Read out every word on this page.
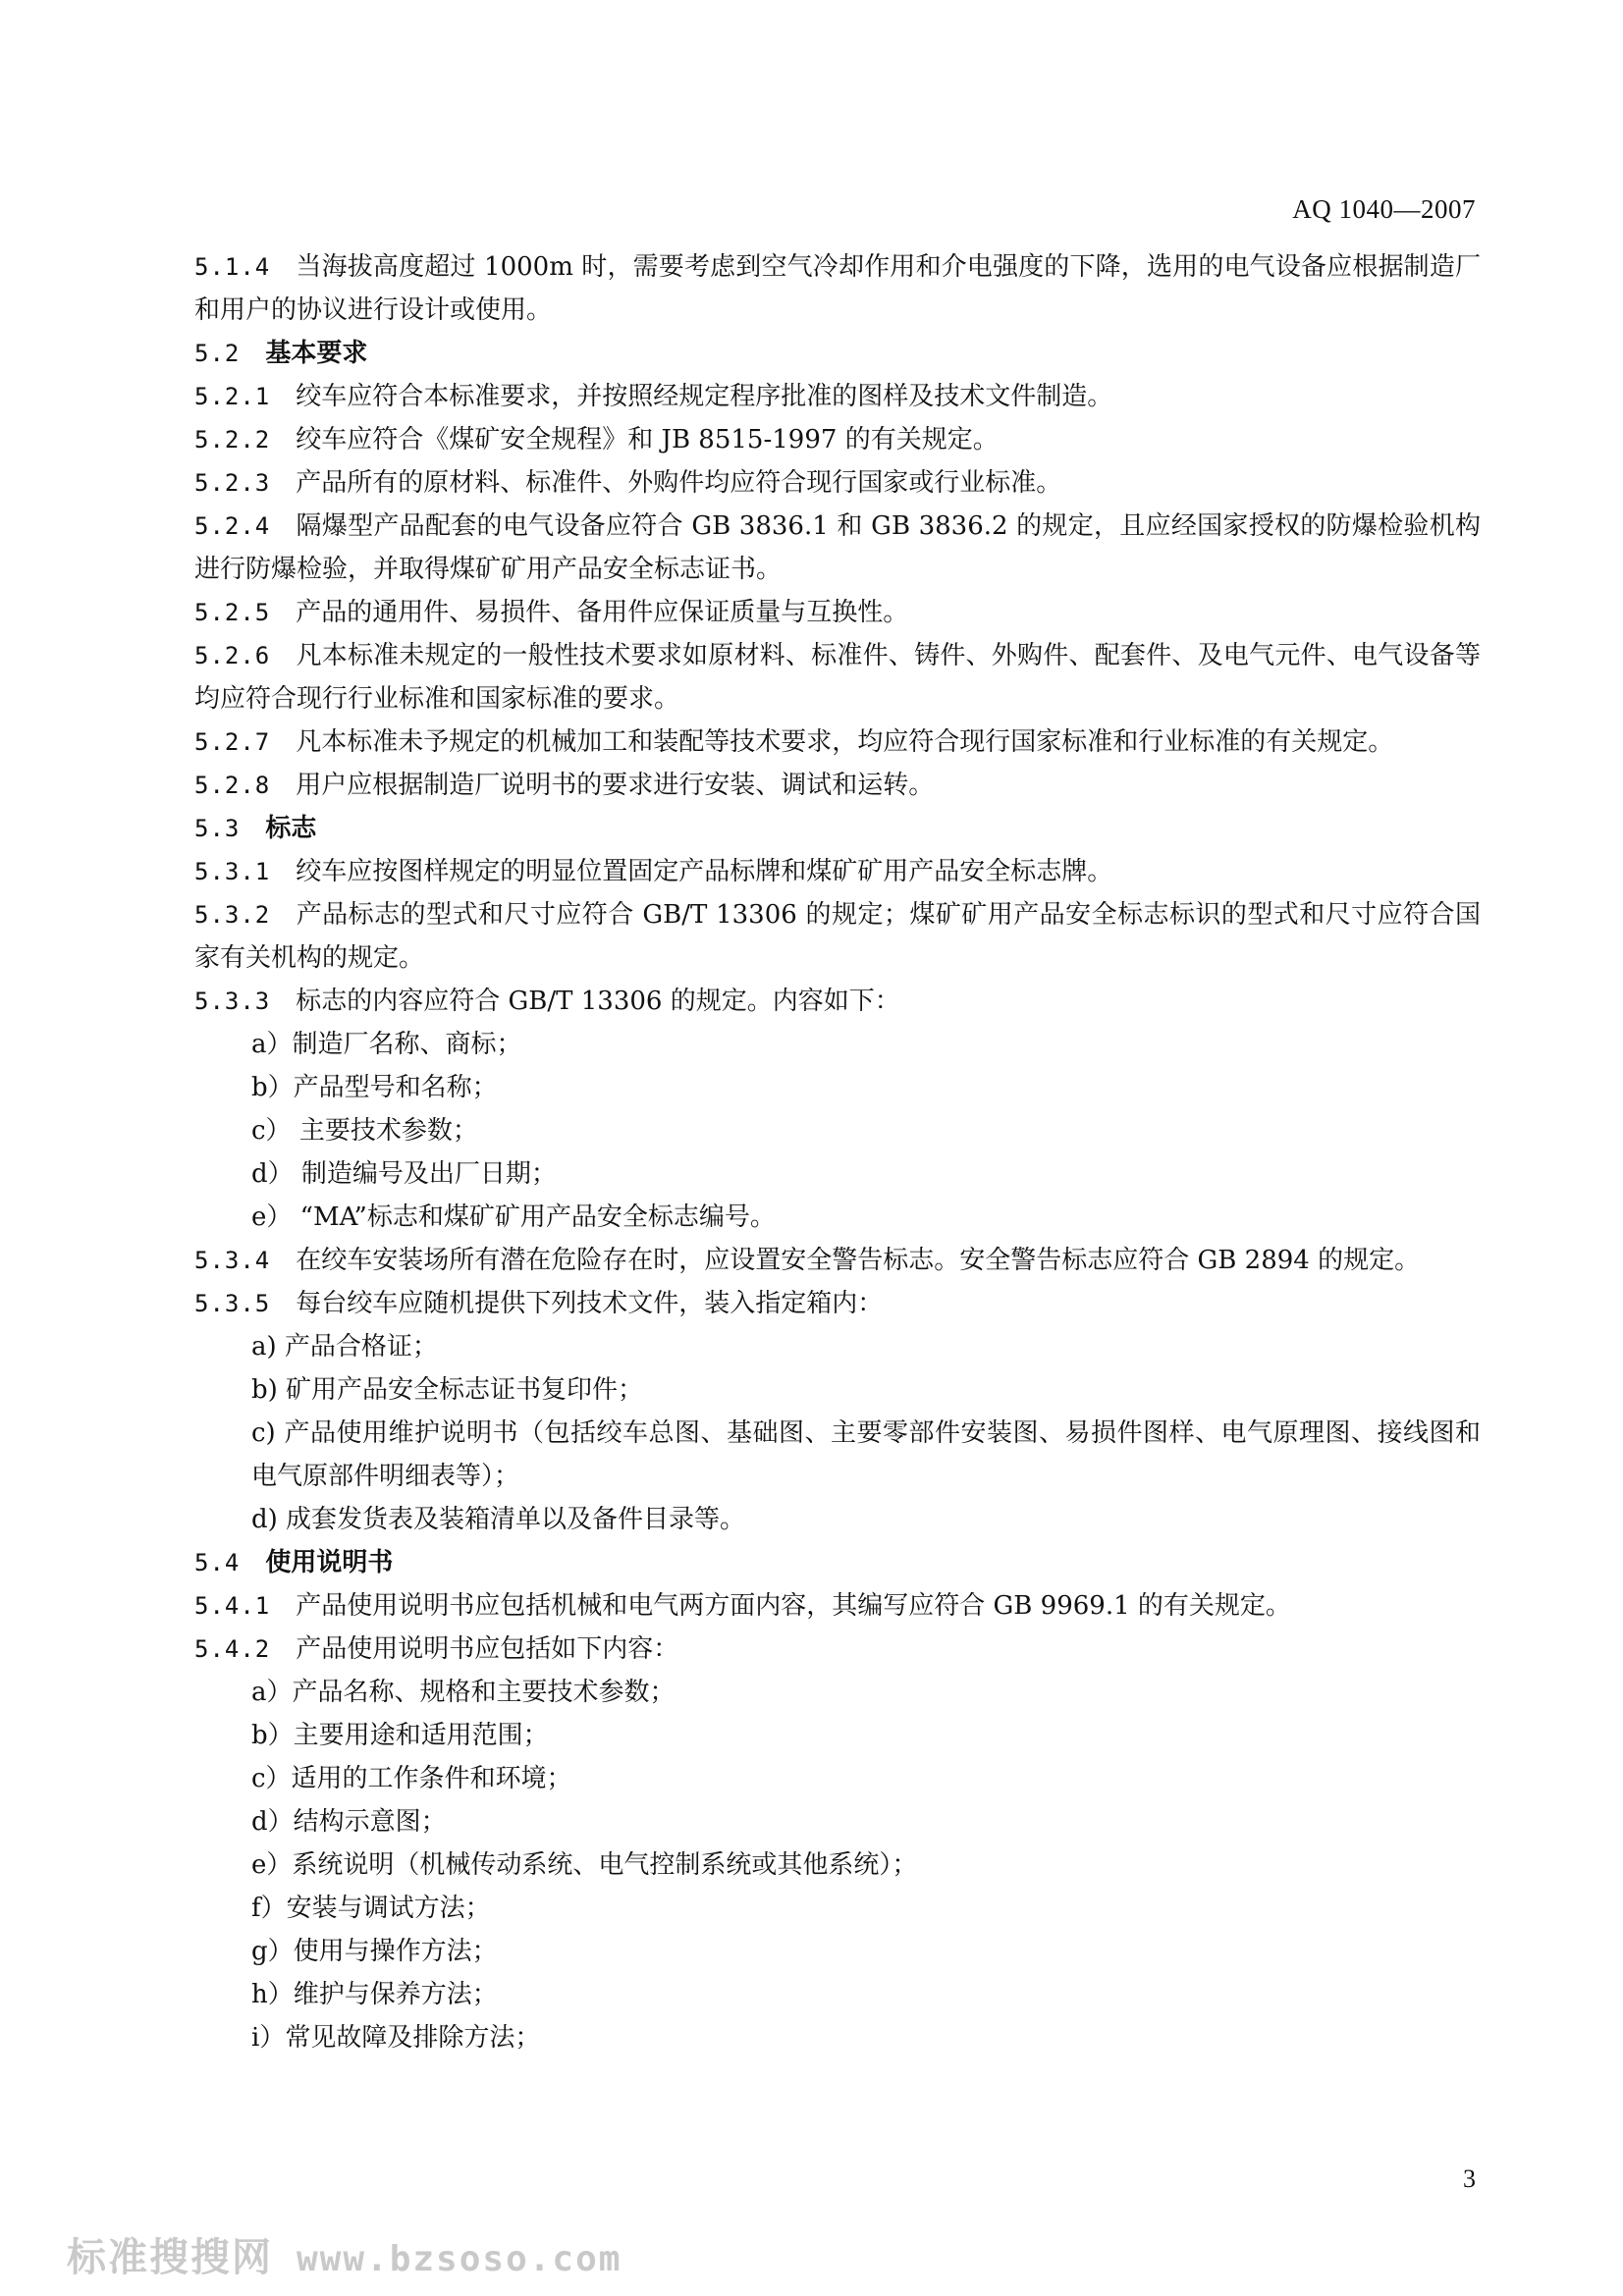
AQ 1040—2007

5.1.4 当海拔高度超过 1000m 时，需要考虑到空气冷却作用和介电强度的下降，选用的电气设备应根据制造厂和用户的协议进行设计或使用。

5.2 基本要求

5.2.1 绞车应符合本标准要求，并按照经规定程序批准的图样及技术文件制造。

5.2.2 绞车应符合《煤矿安全规程》和 JB 8515-1997 的有关规定。

5.2.3 产品所有的原材料、标准件、外购件均应符合现行国家或行业标准。

5.2.4 隔爆型产品配套的电气设备应符合 GB 3836.1 和 GB 3836.2 的规定，且应经国家授权的防爆检验机构进行防爆检验，并取得煤矿矿用产品安全标志证书。

5.2.5 产品的通用件、易损件、备用件应保证质量与互换性。

5.2.6 凡本标准未规定的一般性技术要求如原材料、标准件、铸件、外购件、配套件、及电气元件、电气设备等均应符合现行行业标准和国家标准的要求。

5.2.7 凡本标准未予规定的机械加工和装配等技术要求，均应符合现行国家标准和行业标准的有关规定。

5.2.8 用户应根据制造厂说明书的要求进行安装、调试和运转。

5.3 标志

5.3.1 绞车应按图样规定的明显位置固定产品标牌和煤矿矿用产品安全标志牌。

5.3.2 产品标志的型式和尺寸应符合 GB/T 13306 的规定；煤矿矿用产品安全标志标识的型式和尺寸应符合国家有关机构的规定。

5.3.3 标志的内容应符合 GB/T 13306 的规定。内容如下：

a）制造厂名称、商标；

b）产品型号和名称；

c） 主要技术参数；

d） 制造编号及出厂日期；

e） “MA”标志和煤矿矿用产品安全标志编号。

5.3.4 在绞车安装场所有潜在危险存在时，应设置安全警告标志。安全警告标志应符合 GB 2894 的规定。

5.3.5 每台绞车应随机提供下列技术文件，装入指定箱内：

a) 产品合格证；

b) 矿用产品安全标志证书复印件；

c) 产品使用维护说明书（包括绞车总图、基础图、主要零部件安装图、易损件图样、电气原理图、接线图和电气原部件明细表等）；

d) 成套发货表及装箱清单以及备件目录等。

5.4 使用说明书

5.4.1 产品使用说明书应包括机械和电气两方面内容，其编写应符合 GB 9969.1 的有关规定。

5.4.2 产品使用说明书应包括如下内容：

a）产品名称、规格和主要技术参数；

b）主要用途和适用范围；

c）适用的工作条件和环境；

d）结构示意图；

e）系统说明（机械传动系统、电气控制系统或其他系统）；

f）安装与调试方法；

g）使用与操作方法；

h）维护与保养方法；

i）常见故障及排除方法；

3
标准搜搜网 www.bzsoso.com
